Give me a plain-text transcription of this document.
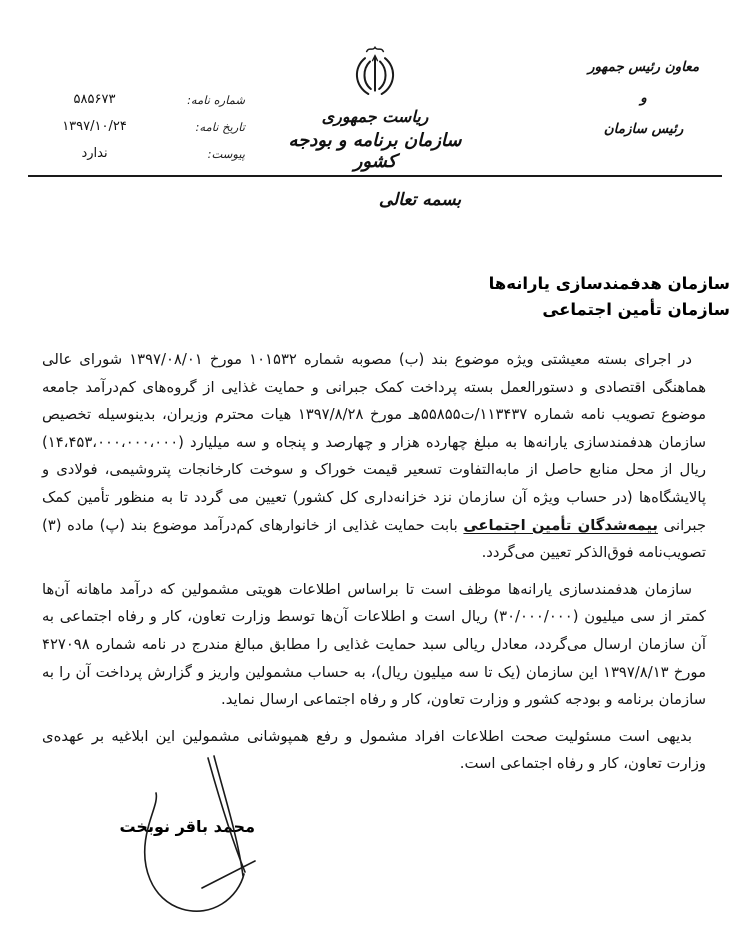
معاون رئیس جمهور
و
رئیس سازمان
ریاست جمهوری
سازمان برنامه و بودجه کشور
شماره نامه:
۵۸۵۶۷۳
تاریخ نامه:
۱۳۹۷/۱۰/۲۴
پیوست:
ندارد
بسمه تعالی
سازمان هدفمندسازی یارانه‌ها
سازمان تأمین اجتماعی

در اجرای بسته معیشتی ویژه موضوع بند (ب) مصوبه شماره ۱۰۱۵۳۲ مورخ ۱۳۹۷/۰۸/۰۱ شورای عالی هماهنگی اقتصادی و دستورالعمل بسته پرداخت کمک جبرانی و حمایت غذایی از گروه‌های کم‌درآمد جامعه موضوع تصویب نامه شماره ۱۱۳۴۳۷/ت۵۵۸۵۵هـ مورخ ۱۳۹۷/۸/۲۸ هیات محترم وزیران، بدینوسیله تخصیص سازمان هدفمندسازی یارانه‌ها به مبلغ چهارده هزار و چهارصد و پنجاه و سه میلیارد (۱۴،۴۵۳،۰۰۰،۰۰۰،۰۰۰) ریال از محل منابع حاصل از مابه‌التفاوت تسعیر قیمت خوراک و سوخت کارخانجات پتروشیمی، فولادی و پالایشگاه‌ها (در حساب ویژه آن سازمان نزد خزانه‌داری کل کشور) تعیین می گردد تا به منظور تأمین کمک جبرانی بیمه‌شدگان تأمین اجتماعی بابت حمایت غذایی از خانوارهای کم‌درآمد موضوع بند (پ) ماده (۳) تصویب‌نامه فوق‌الذکر تعیین می‌گردد.

سازمان هدفمندسازی یارانه‌ها موظف است تا براساس اطلاعات هویتی مشمولین که درآمد ماهانه آن‌ها کمتر از سی میلیون (۳۰/۰۰۰/۰۰۰) ریال است و اطلاعات آن‌ها توسط وزارت تعاون، کار و رفاه اجتماعی به آن سازمان ارسال می‌گردد، معادل ریالی سبد حمایت غذایی را مطابق مبالغ مندرج در نامه شماره ۴۲۷۰۹۸ مورخ ۱۳۹۷/۸/۱۳ این سازمان (یک تا سه میلیون ریال)، به حساب مشمولین واریز و گزارش پرداخت آن را به سازمان برنامه و بودجه کشور و وزارت تعاون، کار و رفاه اجتماعی ارسال نماید.

بدیهی است مسئولیت صحت اطلاعات افراد مشمول و رفع همپوشانی مشمولین این ابلاغیه بر عهده‌ی وزارت تعاون، کار و رفاه اجتماعی است.

محمد باقر نوبخت
